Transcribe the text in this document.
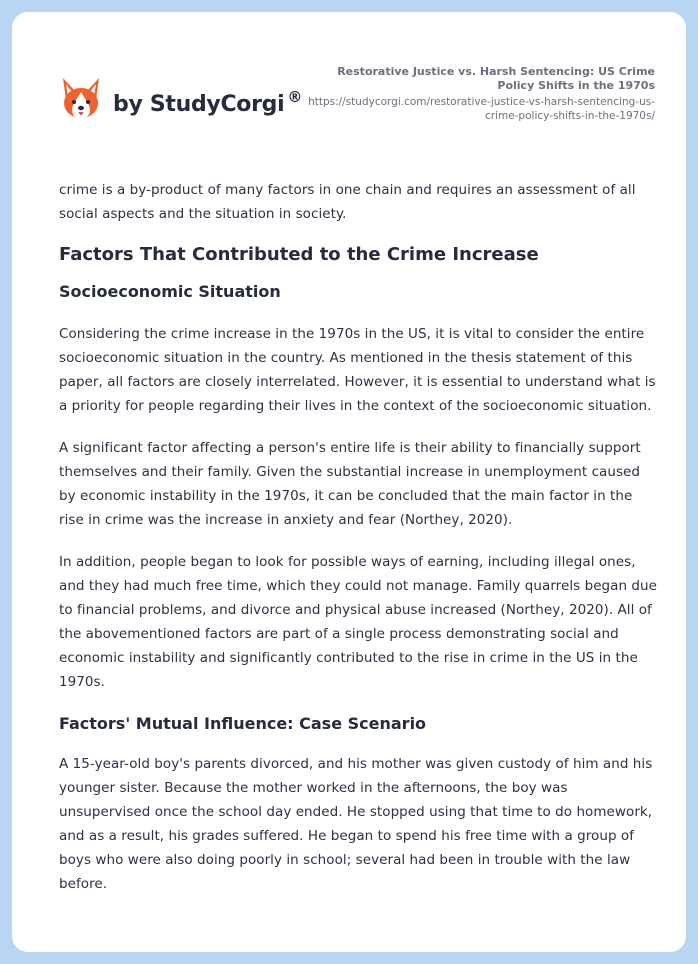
by StudyCorgi ®
Restorative Justice vs. Harsh Sentencing: US Crime Policy Shifts in the 1970s
https://studycorgi.com/restorative-justice-vs-harsh-sentencing-us-crime-policy-shifts-in-the-1970s/

crime is a by-product of many factors in one chain and requires an assessment of all social aspects and the situation in society.

Factors That Contributed to the Crime Increase
Socioeconomic Situation

Considering the crime increase in the 1970s in the US, it is vital to consider the entire socioeconomic situation in the country. As mentioned in the thesis statement of this paper, all factors are closely interrelated. However, it is essential to understand what is a priority for people regarding their lives in the context of the socioeconomic situation.

A significant factor affecting a person's entire life is their ability to financially support themselves and their family. Given the substantial increase in unemployment caused by economic instability in the 1970s, it can be concluded that the main factor in the rise in crime was the increase in anxiety and fear (Northey, 2020).

In addition, people began to look for possible ways of earning, including illegal ones, and they had much free time, which they could not manage. Family quarrels began due to financial problems, and divorce and physical abuse increased (Northey, 2020). All of the abovementioned factors are part of a single process demonstrating social and economic instability and significantly contributed to the rise in crime in the US in the 1970s.

Factors' Mutual Influence: Case Scenario

A 15-year-old boy's parents divorced, and his mother was given custody of him and his younger sister. Because the mother worked in the afternoons, the boy was unsupervised once the school day ended. He stopped using that time to do homework, and as a result, his grades suffered. He began to spend his free time with a group of boys who were also doing poorly in school; several had been in trouble with the law before.
